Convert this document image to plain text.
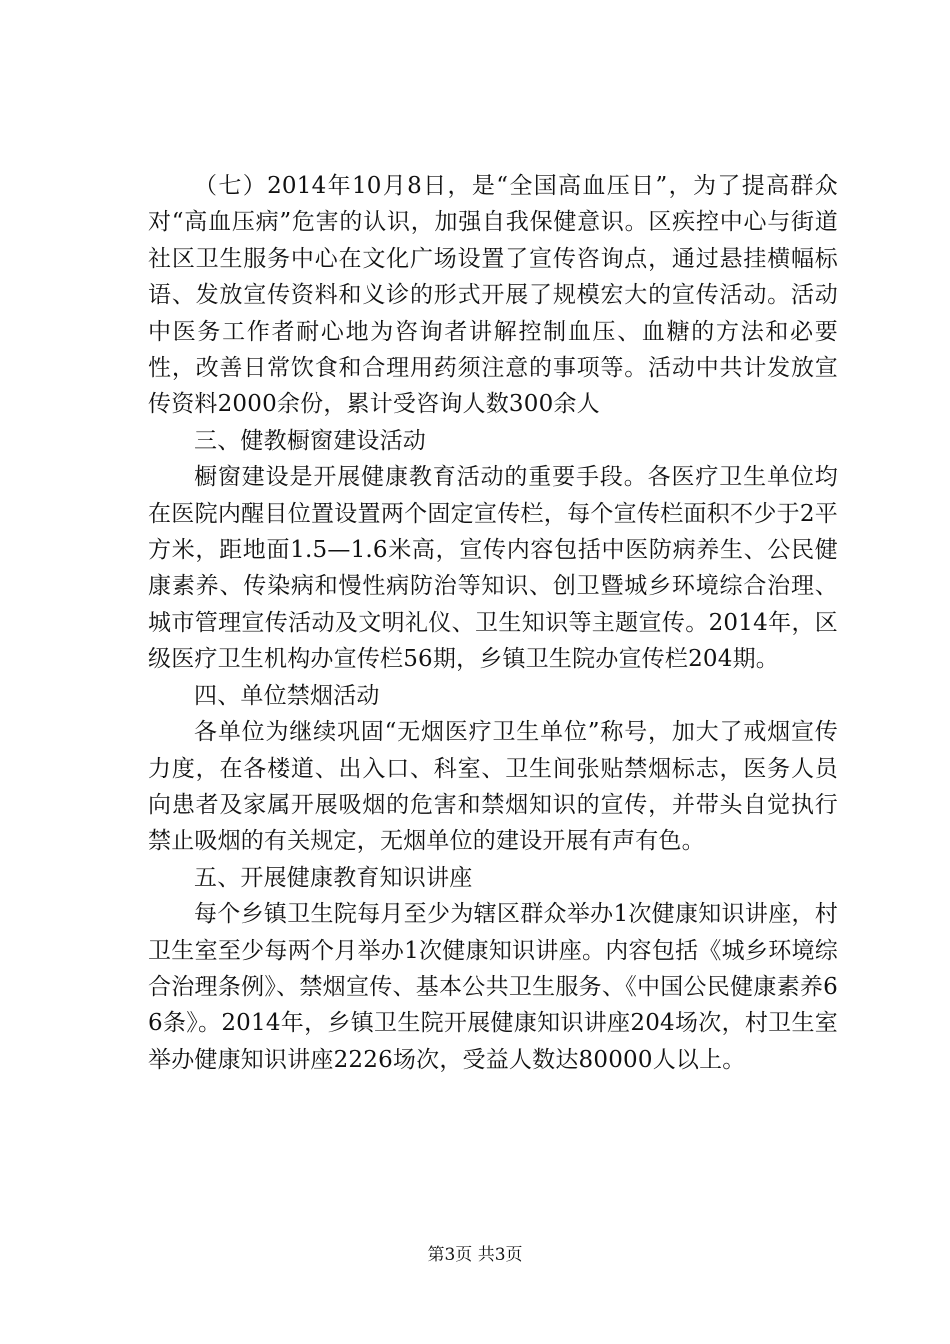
（七）2014年10月8日，是“全国高血压日”，为了提高群众对“高血压病”危害的认识，加强自我保健意识。区疾控中心与街道社区卫生服务中心在文化广场设置了宣传咨询点，通过悬挂横幅标语、发放宣传资料和义诊的形式开展了规模宏大的宣传活动。活动中医务工作者耐心地为咨询者讲解控制血压、血糖的方法和必要性，改善日常饮食和合理用药须注意的事项等。活动中共计发放宣传资料2000余份，累计受咨询人数300余人

三、健教橱窗建设活动

橱窗建设是开展健康教育活动的重要手段。各医疗卫生单位均在医院内醒目位置设置两个固定宣传栏，每个宣传栏面积不少于2平方米，距地面1.5—1.6米高，宣传内容包括中医防病养生、公民健康素养、传染病和慢性病防治等知识、创卫暨城乡环境综合治理、城市管理宣传活动及文明礼仪、卫生知识等主题宣传。2014年，区级医疗卫生机构办宣传栏56期，乡镇卫生院办宣传栏204期。

四、单位禁烟活动

各单位为继续巩固“无烟医疗卫生单位”称号，加大了戒烟宣传力度，在各楼道、出入口、科室、卫生间张贴禁烟标志，医务人员向患者及家属开展吸烟的危害和禁烟知识的宣传，并带头自觉执行禁止吸烟的有关规定，无烟单位的建设开展有声有色。

五、开展健康教育知识讲座

每个乡镇卫生院每月至少为辖区群众举办1次健康知识讲座，村卫生室至少每两个月举办1次健康知识讲座。内容包括《城乡环境综合治理条例》、禁烟宣传、基本公共卫生服务、《中国公民健康素养66条》。2014年，乡镇卫生院开展健康知识讲座204场次，村卫生室举办健康知识讲座2226场次，受益人数达80000人以上。

第3页 共3页
